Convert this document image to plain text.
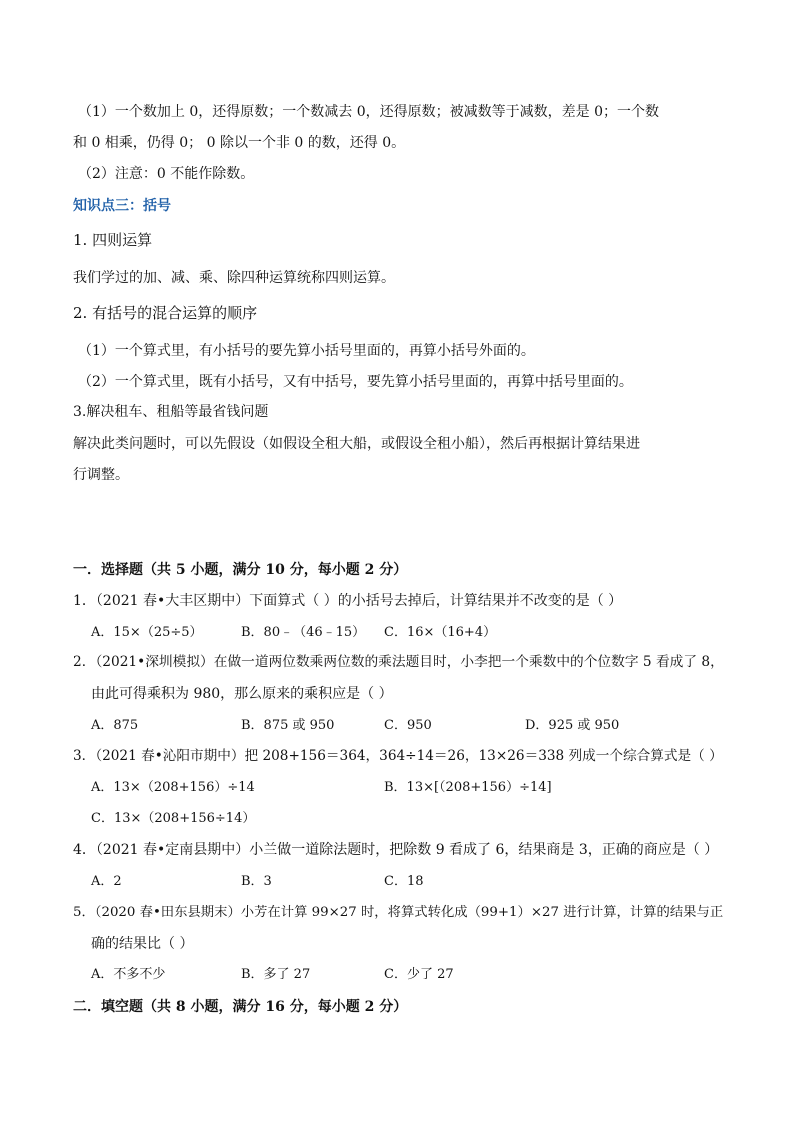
（1）一个数加上 0，还得原数；一个数减去 0，还得原数；被减数等于减数，差是 0；一个数
和 0 相乘，仍得 0； 0 除以一个非 0 的数，还得 0。
（2）注意：0 不能作除数。
知识点三：括号
1. 四则运算
我们学过的加、减、乘、除四种运算统称四则运算。
2. 有括号的混合运算的顺序
（1）一个算式里，有小括号的要先算小括号里面的，再算小括号外面的。
（2）一个算式里，既有小括号，又有中括号，要先算小括号里面的，再算中括号里面的。
3.解决租车、租船等最省钱问题
解决此类问题时，可以先假设（如假设全租大船，或假设全租小船），然后再根据计算结果进
行调整。
一．选择题（共 5 小题，满分 10 分，每小题 2 分）
1．（2021 春•大丰区期中）下面算式（ ）的小括号去掉后，计算结果并不改变的是（ ）
A．15×（25÷5）	B．80﹣（46﹣15） C．16×（16+4）
2．（2021•深圳模拟）在做一道两位数乘两位数的乘法题目时，小李把一个乘数中的个位数字 5 看成了 8，
由此可得乘积为 980，那么原来的乘积应是（ ）
A．875	B．875 或 950	C．950	D．925 或 950
3．（2021 春•沁阳市期中）把 208+156＝364，364÷14＝26，13×26＝338 列成一个综合算式是（ ）
A．13×（208+156）÷14	B．13×[（208+156）÷14]
C．13×（208+156÷14）
4．（2021 春•定南县期中）小兰做一道除法题时，把除数 9 看成了 6，结果商是 3，正确的商应是（ ）
A．2	B．3	C．18
5．（2020 春•田东县期末）小芳在计算 99×27 时，将算式转化成（99+1）×27 进行计算，计算的结果与正
确的结果比（ ）
A．不多不少	B．多了 27	C．少了 27
二．填空题（共 8 小题，满分 16 分，每小题 2 分）
